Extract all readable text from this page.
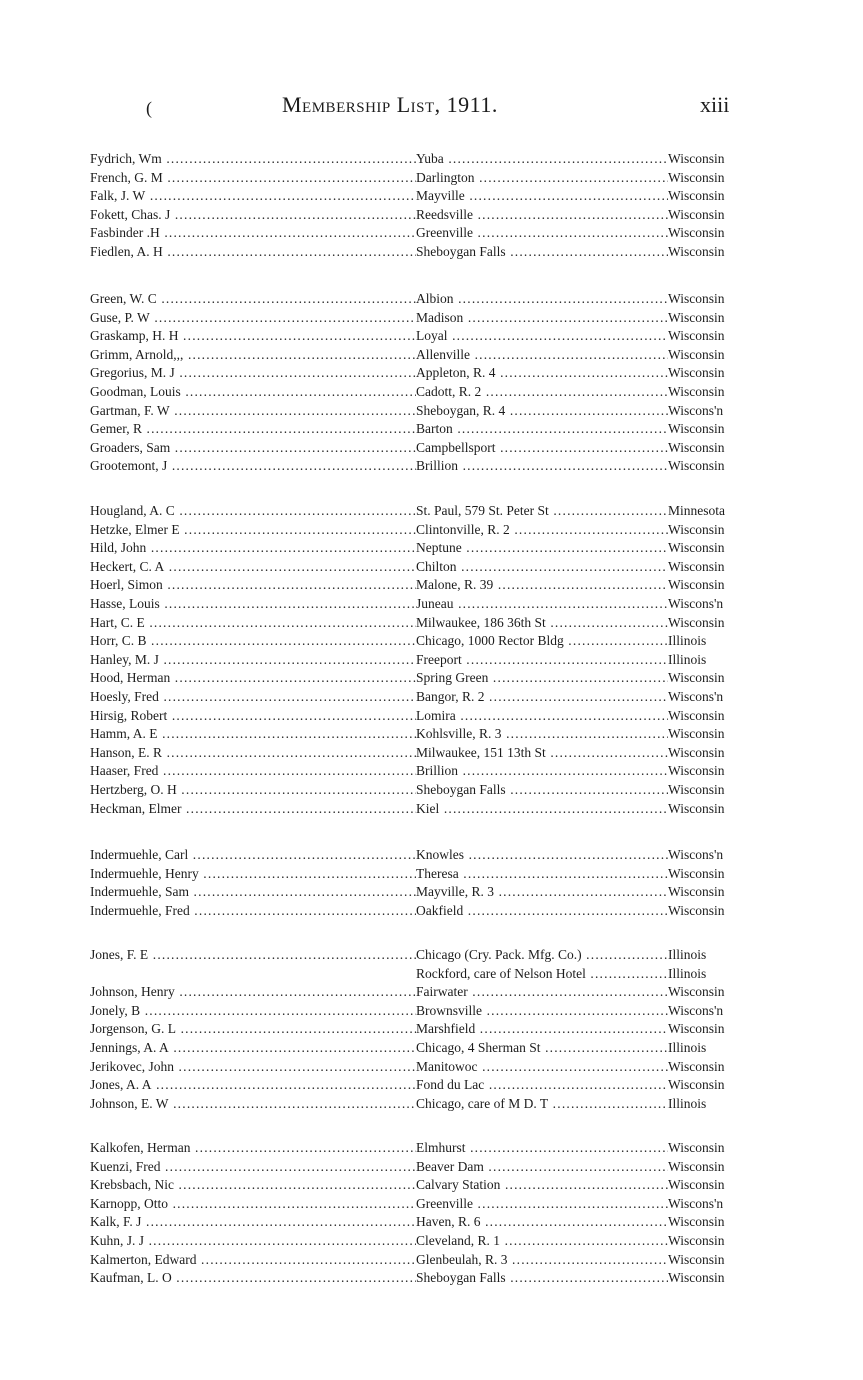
(	Membership List, 1911.	xiii
Fydrich, Wm .....	Yuba .....	Wisconsin
French, G. M .....	Darlington .....	Wisconsin
Falk, J. W .....	Mayville .....	Wisconsin
Fokett, Chas. J .....	Reedsville .....	Wisconsin
Fasbinder .H .....	Greenville .....	Wisconsin
Fiedlen, A. H .....	Sheboygan Falls .....	Wisconsin
Green, W. C .....	Albion .....	Wisconsin
Guse, P. W .....	Madison .....	Wisconsin
Graskamp, H. H .....	Loyal .....	Wisconsin
Grimm, Arnold,,, .....	Allenville .....	Wisconsin
Gregorius, M. J .....	Appleton, R. 4 .....	Wisconsin
Goodman, Louis .....	Cadott, R. 2 .....	Wisconsin
Gartman, F. W .....	Sheboygan, R. 4 .....	Wiscons'n
Gemer, R .....	Barton .....	Wisconsin
Groaders, Sam .....	Campbellsport .....	Wisconsin
Grootemont, J .....	Brillion .....	Wisconsin
Hougland, A. C .....	St. Paul, 579 St. Peter St .....	Minnesota
Hetzke, Elmer E .....	Clintonville, R. 2 .....	Wisconsin
Hild, John .....	Neptune .....	Wisconsin
Heckert, C. A .....	Chilton .....	Wisconsin
Hoerl, Simon .....	Malone, R. 39 .....	Wisconsin
Hasse, Louis .....	Juneau .....	Wiscons'n
Hart, C. E .....	Milwaukee, 186 36th St .....	Wisconsin
Horr, C. B .....	Chicago, 1000 Rector Bldg .....	Illinois
Hanley, M. J .....	Freeport .....	Illinois
Hood, Herman .....	Spring Green .....	Wisconsin
Hoesly, Fred .....	Bangor, R. 2 .....	Wiscons'n
Hirsig, Robert .....	Lomira .....	Wisconsin
Hamm, A. E .....	Kohlsville, R. 3 .....	Wisconsin
Hanson, E. R .....	Milwaukee, 151 13th St .....	Wisconsin
Haaser, Fred .....	Brillion .....	Wisconsin
Hertzberg, O. H .....	Sheboygan Falls .....	Wisconsin
Heckman, Elmer .....	Kiel .....	Wisconsin
Indermuehle, Carl .....	Knowles .....	Wiscons'n
Indermuehle, Henry .....	Theresa .....	Wisconsin
Indermuehle, Sam .....	Mayville, R. 3 .....	Wisconsin
Indermuehle, Fred .....	Oakfield .....	Wisconsin
Jones, F. E .....	Chicago (Cry. Pack. Mfg. Co.) .....	Illinois
Rockford, care of Nelson Hotel .....	Illinois
Johnson, Henry .....	Fairwater .....	Wisconsin
Jonely, B .....	Brownsville .....	Wiscons'n
Jorgenson, G. L .....	Marshfield .....	Wisconsin
Jennings, A. A .....	Chicago, 4 Sherman St .....	Illinois
Jerikovec, John .....	Manitowoc .....	Wisconsin
Jones, A. A .....	Fond du Lac .....	Wisconsin
Johnson, E. W .....	Chicago, care of M D. T .....	Illinois
Kalkofen, Herman .....	Elmhurst .....	Wisconsin
Kuenzi, Fred .....	Beaver Dam .....	Wisconsin
Krebsbach, Nic .....	Calvary Station .....	Wisconsin
Karnopp, Otto .....	Greenville .....	Wiscons'n
Kalk, F. J .....	Haven, R. 6 .....	Wisconsin
Kuhn, J. J .....	Cleveland, R. 1 .....	Wisconsin
Kalmerton, Edward .....	Glenbeulah, R. 3 .....	Wisconsin
Kaufman, L. O .....	Sheboygan Falls .....	Wisconsin
